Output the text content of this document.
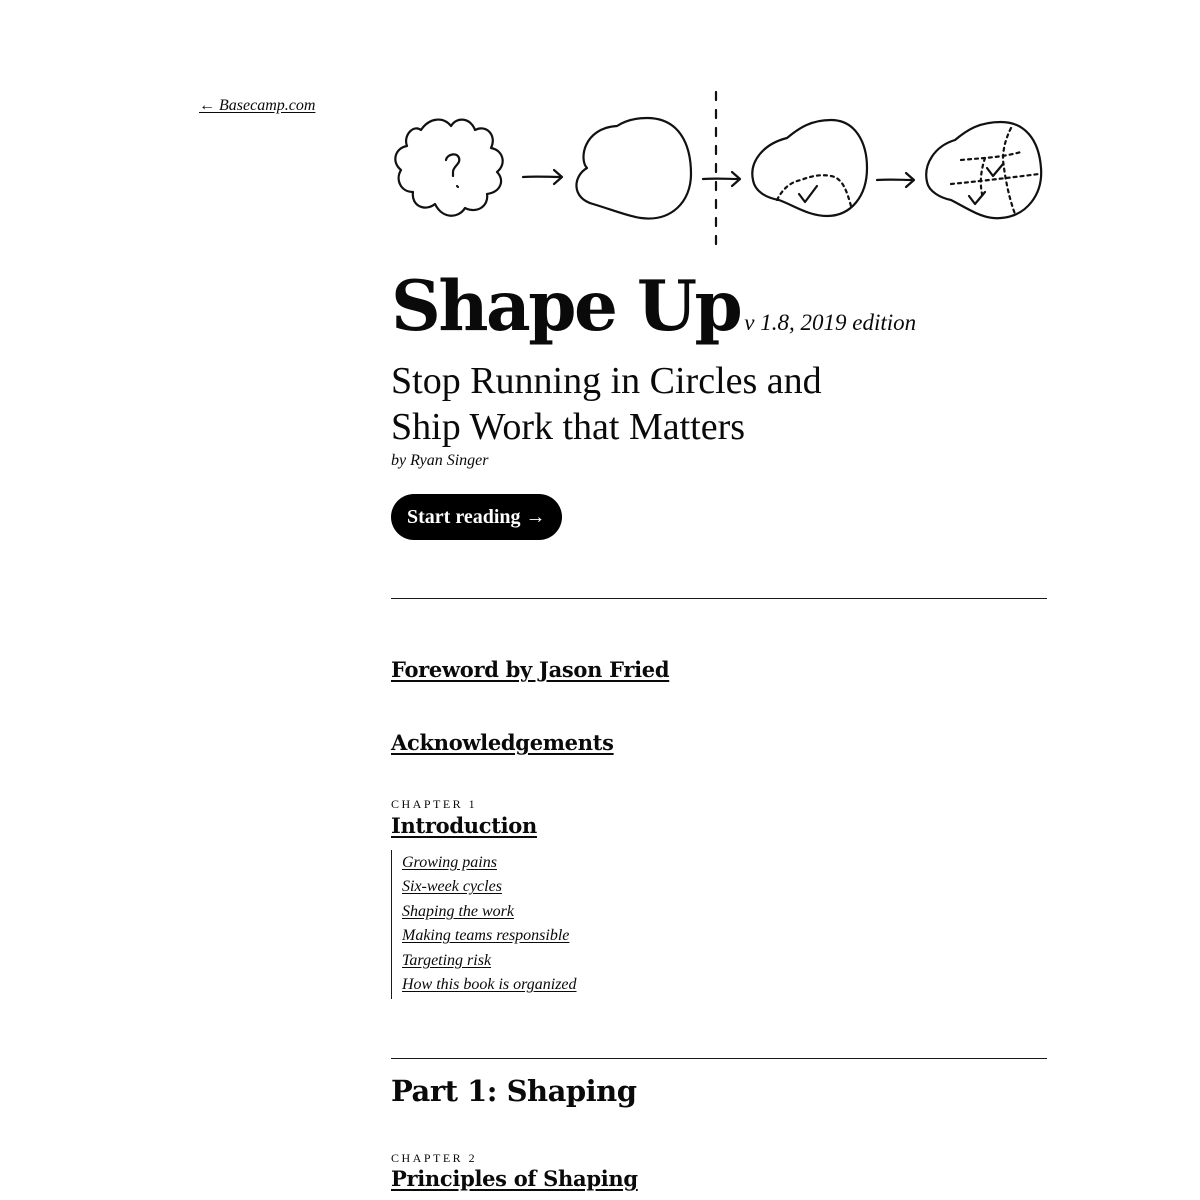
← Basecamp.com
Shape Up v 1.8, 2019 edition
Stop Running in Circles and
Ship Work that Matters
by Ryan Singer
Start reading →
Foreword by Jason Fried
Acknowledgements
CHAPTER 1
Introduction
Growing pains
Six-week cycles
Shaping the work
Making teams responsible
Targeting risk
How this book is organized
Part 1: Shaping
CHAPTER 2
Principles of Shaping
